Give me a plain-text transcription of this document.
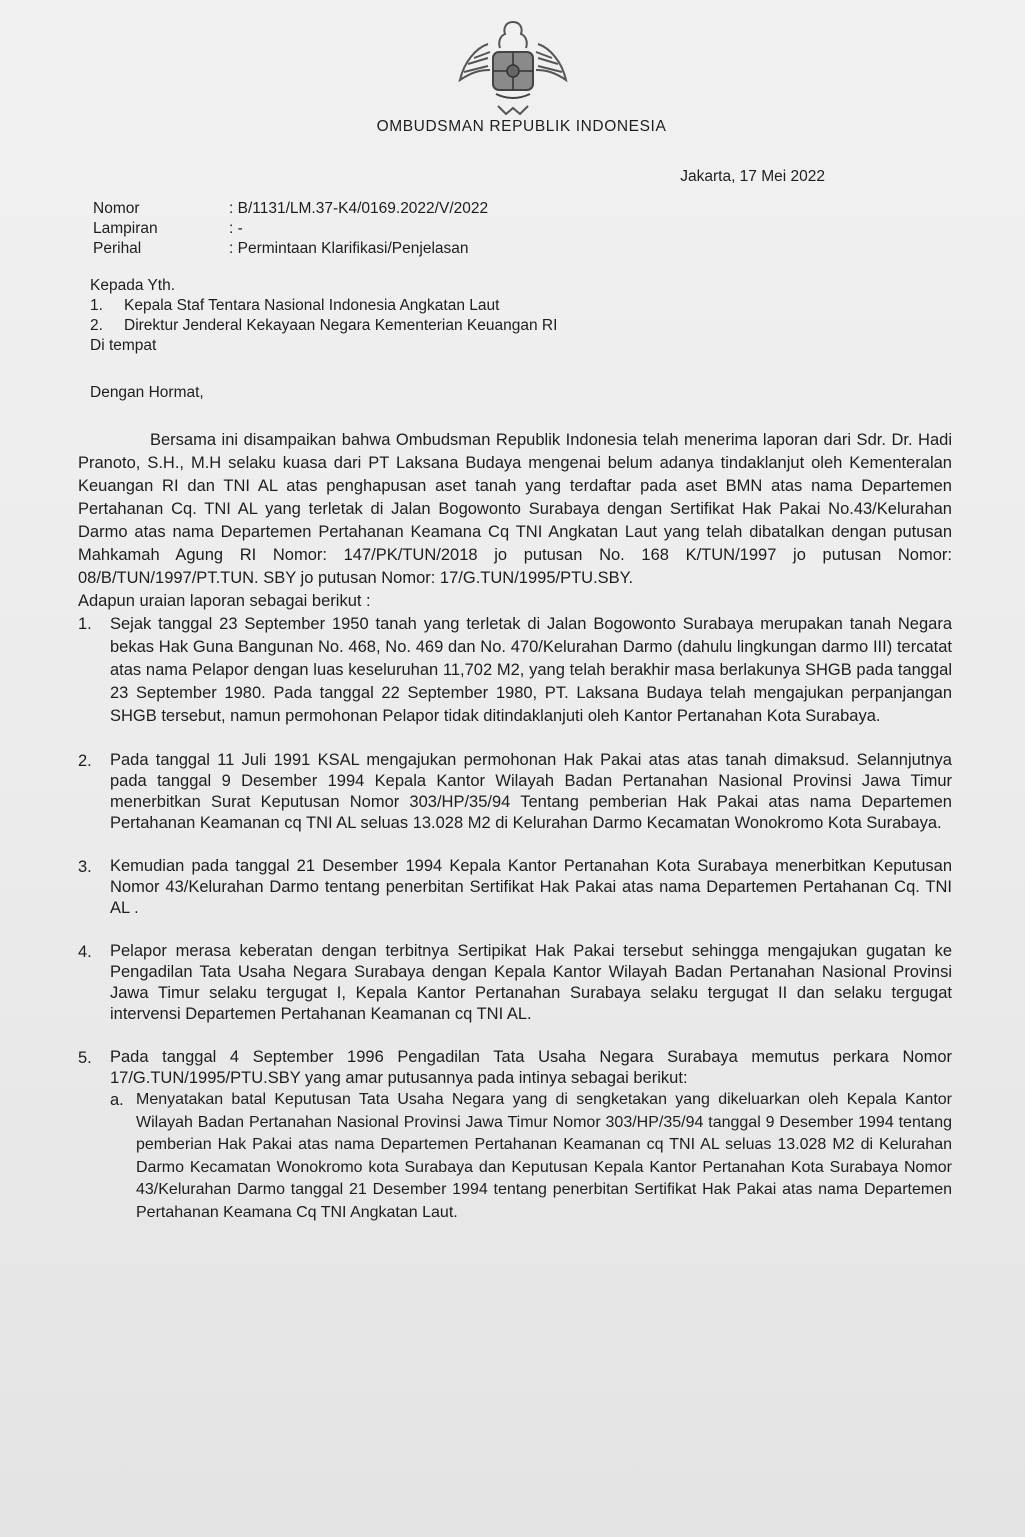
OMBUDSMAN REPUBLIK INDONESIA
Jakarta, 17 Mei 2022
Nomor	: B/1131/LM.37-K4/0169.2022/V/2022
Lampiran	: -
Perihal	: Permintaan Klarifikasi/Penjelasan
Kepada Yth.
1.	Kepala Staf Tentara Nasional Indonesia Angkatan Laut
2.	Direktur Jenderal Kekayaan Negara Kementerian Keuangan RI
Di tempat
Dengan Hormat,

Bersama ini disampaikan bahwa Ombudsman Republik Indonesia telah menerima laporan dari Sdr. Dr. Hadi Pranoto, S.H., M.H selaku kuasa dari PT Laksana Budaya mengenai belum adanya tindaklanjut oleh Kementeralan Keuangan RI dan TNI AL atas penghapusan aset tanah yang terdaftar pada aset BMN atas nama Departemen Pertahanan Cq. TNI AL yang terletak di Jalan Bogowonto Surabaya dengan Sertifikat Hak Pakai No.43/Kelurahan Darmo atas nama Departemen Pertahanan Keamana Cq TNI Angkatan Laut yang telah dibatalkan dengan putusan Mahkamah Agung RI Nomor: 147/PK/TUN/2018 jo putusan No. 168 K/TUN/1997 jo putusan Nomor: 08/B/TUN/1997/PT.TUN. SBY jo putusan Nomor: 17/G.TUN/1995/PTU.SBY.

Adapun uraian laporan sebagai berikut :

1.	Sejak tanggal 23 September 1950 tanah yang terletak di Jalan Bogowonto Surabaya merupakan tanah Negara bekas Hak Guna Bangunan No. 468, No. 469 dan No. 470/Kelurahan Darmo (dahulu lingkungan darmo III) tercatat atas nama Pelapor dengan luas keseluruhan 11,702 M2, yang telah berakhir masa berlakunya SHGB pada tanggal 23 September 1980. Pada tanggal 22 September 1980, PT. Laksana Budaya telah mengajukan perpanjangan SHGB tersebut, namun permohonan Pelapor tidak ditindaklanjuti oleh Kantor Pertanahan Kota Surabaya.
2.	Pada tanggal 11 Juli 1991 KSAL mengajukan permohonan Hak Pakai atas atas tanah dimaksud. Selannjutnya pada tanggal 9 Desember 1994 Kepala Kantor Wilayah Badan Pertanahan Nasional Provinsi Jawa Timur menerbitkan Surat Keputusan Nomor 303/HP/35/94 Tentang pemberian Hak Pakai atas nama Departemen Pertahanan Keamanan cq TNI AL seluas 13.028 M2 di Kelurahan Darmo Kecamatan Wonokromo Kota Surabaya.
3.	Kemudian pada tanggal 21 Desember 1994 Kepala Kantor Pertanahan Kota Surabaya menerbitkan Keputusan Nomor 43/Kelurahan Darmo tentang penerbitan Sertifikat Hak Pakai atas nama Departemen Pertahanan Cq. TNI AL .
4.	Pelapor merasa keberatan dengan terbitnya Sertipikat Hak Pakai tersebut sehingga mengajukan gugatan ke Pengadilan Tata Usaha Negara Surabaya dengan Kepala Kantor Wilayah Badan Pertanahan Nasional Provinsi Jawa Timur selaku tergugat I, Kepala Kantor Pertanahan Surabaya selaku tergugat II dan selaku tergugat intervensi Departemen Pertahanan Keamanan cq TNI AL.
5.	Pada tanggal 4 September 1996 Pengadilan Tata Usaha Negara Surabaya memutus perkara Nomor 17/G.TUN/1995/PTU.SBY yang amar putusannya pada intinya sebagai berikut:
a. Menyatakan batal Keputusan Tata Usaha Negara yang di sengketakan yang dikeluarkan oleh Kepala Kantor Wilayah Badan Pertanahan Nasional Provinsi Jawa Timur Nomor 303/HP/35/94 tanggal 9 Desember 1994 tentang pemberian Hak Pakai atas nama Departemen Pertahanan Keamanan cq TNI AL seluas 13.028 M2 di Kelurahan Darmo Kecamatan Wonokromo kota Surabaya dan Keputusan Kepala Kantor Pertanahan Kota Surabaya Nomor 43/Kelurahan Darmo tanggal 21 Desember 1994 tentang penerbitan Sertifikat Hak Pakai atas nama Departemen Pertahanan Keamana Cq TNI Angkatan Laut.
